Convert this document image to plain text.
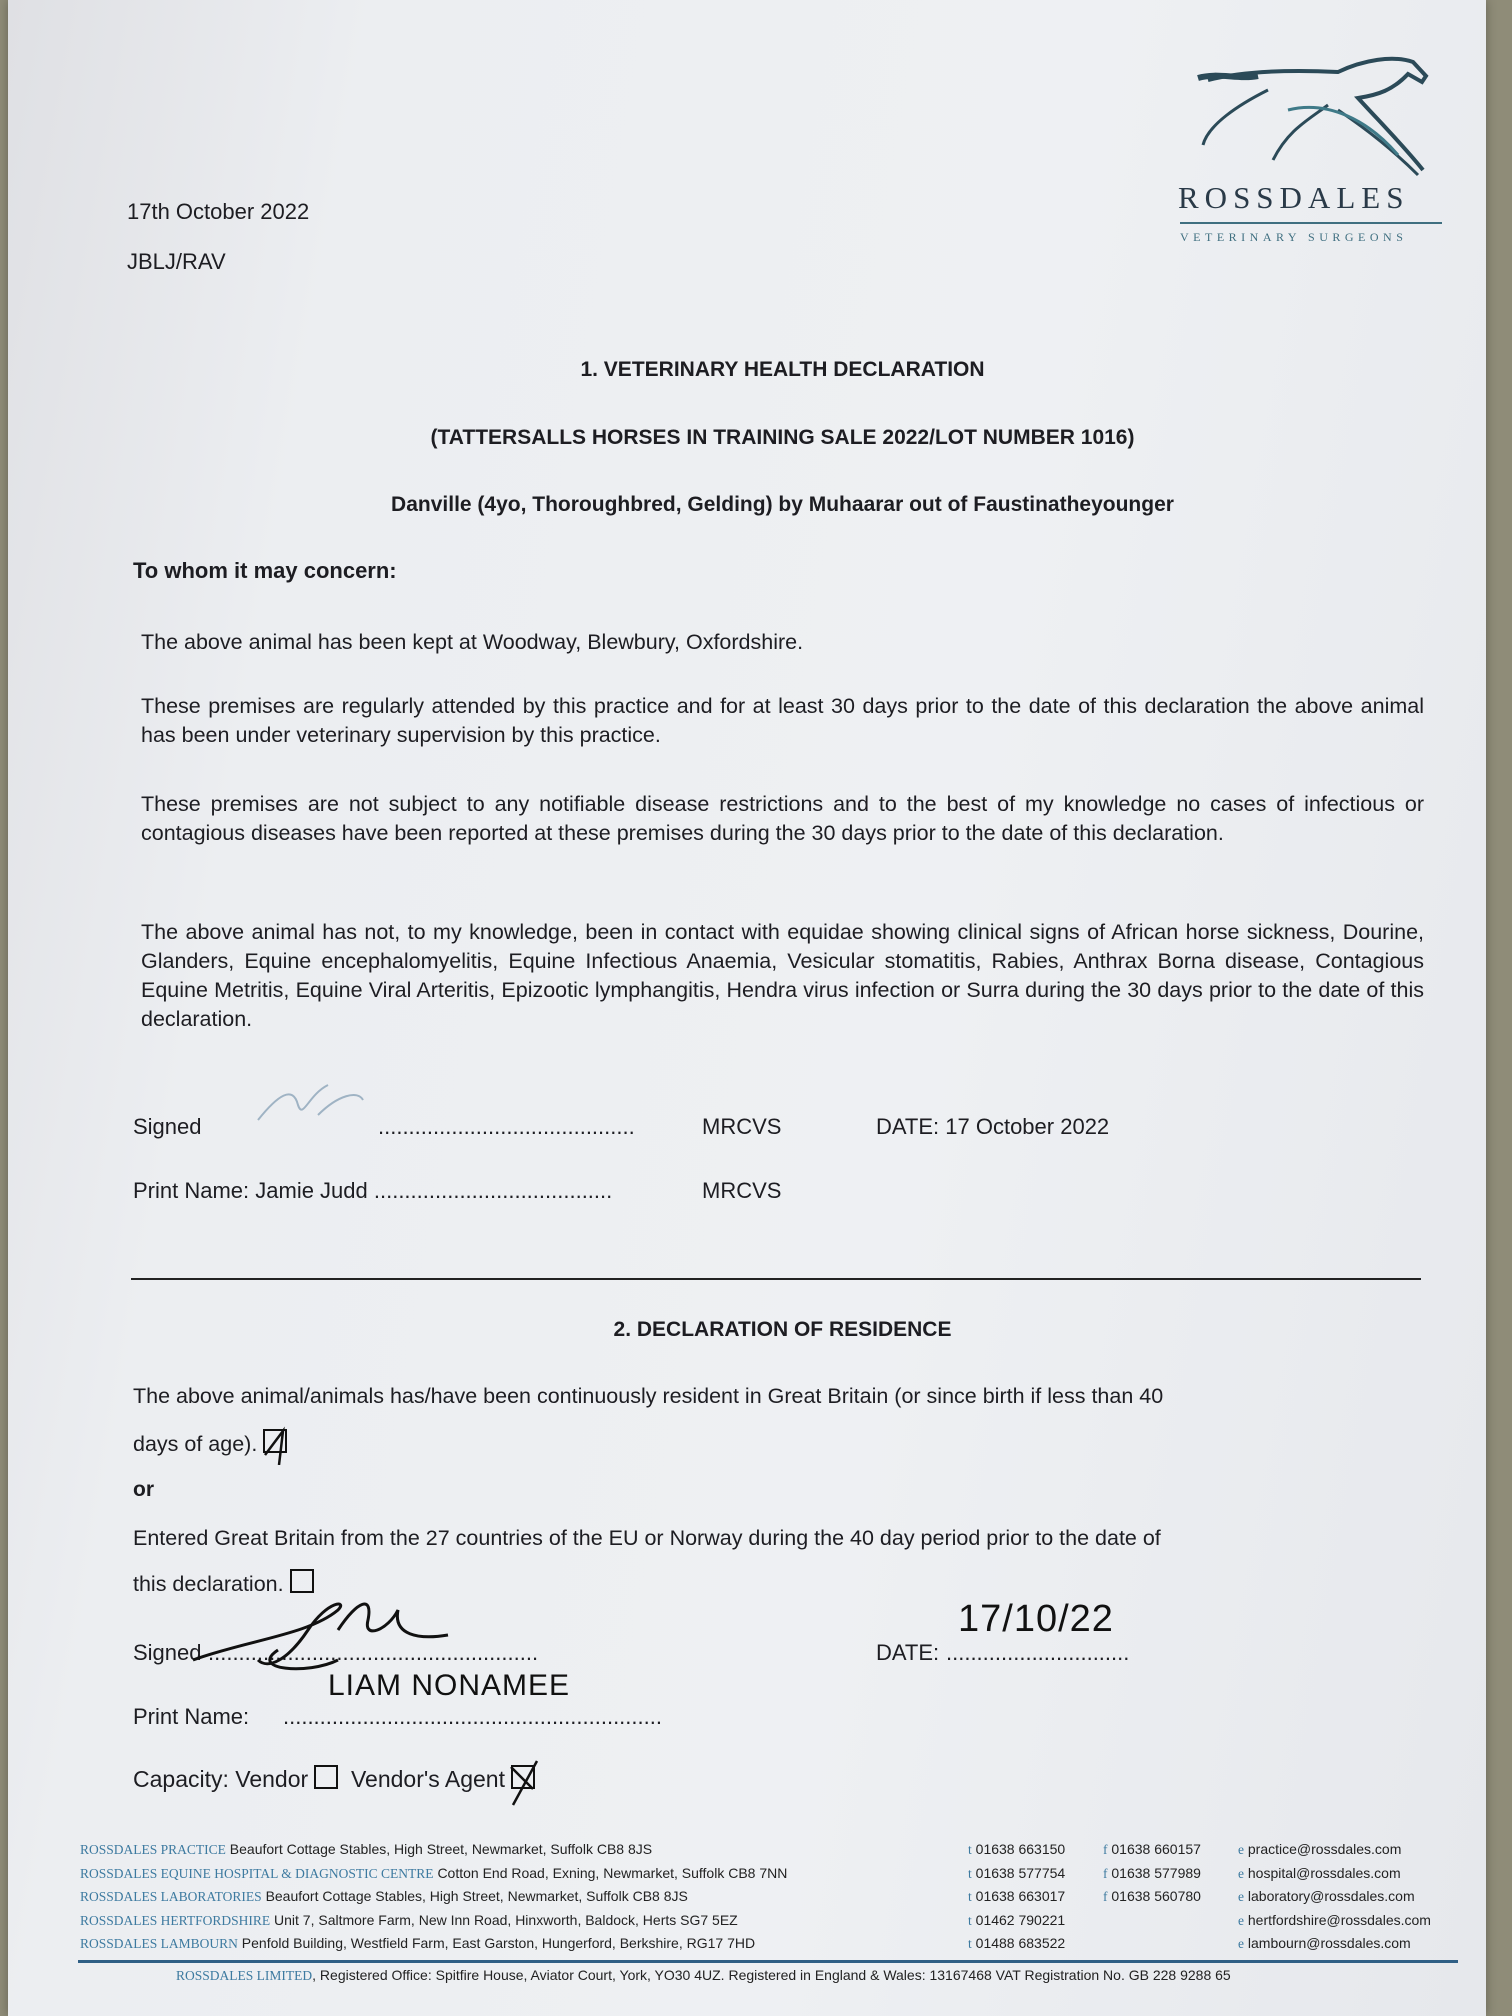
ROSSDALES
VETERINARY SURGEONS
17th October 2022
JBLJ/RAV
1. VETERINARY HEALTH DECLARATION
(TATTERSALLS HORSES IN TRAINING SALE 2022/LOT NUMBER 1016)
Danville (4yo, Thoroughbred, Gelding) by Muhaarar out of Faustinatheyounger
To whom it may concern:
The above animal has been kept at Woodway, Blewbury, Oxfordshire.
These premises are regularly attended by this practice and for at least 30 days prior to the date of this declaration the above animal has been under veterinary supervision by this practice.
These premises are not subject to any notifiable disease restrictions and to the best of my knowledge no cases of infectious or contagious diseases have been reported at these premises during the 30 days prior to the date of this declaration.
The above animal has not, to my knowledge, been in contact with equidae showing clinical signs of African horse sickness, Dourine, Glanders, Equine encephalomyelitis, Equine Infectious Anaemia, Vesicular stomatitis, Rabies, Anthrax Borna disease, Contagious Equine Metritis, Equine Viral Arteritis, Epizootic lymphangitis, Hendra virus infection or Surra during the 30 days prior to the date of this declaration.
Signed	..........................................	MRCVS	DATE: 17 October 2022
Print Name: Jamie Judd .......................................	MRCVS
2. DECLARATION OF RESIDENCE
The above animal/animals has/have been continuously resident in Great Britain (or since birth if less than 40
days of age).
or
Entered Great Britain from the 27 countries of the EU or Norway during the 40 day period prior to the date of
this declaration.
Signed ......................................................	DATE: ..............................
17/10/22
Print Name: ..............................................................
LIAM NONAMEE
Capacity: Vendor Vendor's Agent
ROSSDALES PRACTICE Beaufort Cottage Stables, High Street, Newmarket, Suffolk CB8 8JS	t 01638 663150	f 01638 660157	e practice@rossdales.com
ROSSDALES EQUINE HOSPITAL & DIAGNOSTIC CENTRE Cotton End Road, Exning, Newmarket, Suffolk CB8 7NN	t 01638 577754	f 01638 577989	e hospital@rossdales.com
ROSSDALES LABORATORIES Beaufort Cottage Stables, High Street, Newmarket, Suffolk CB8 8JS	t 01638 663017	f 01638 560780	e laboratory@rossdales.com
ROSSDALES HERTFORDSHIRE Unit 7, Saltmore Farm, New Inn Road, Hinxworth, Baldock, Herts SG7 5EZ	t 01462 790221	e hertfordshire@rossdales.com
ROSSDALES LAMBOURN Penfold Building, Westfield Farm, East Garston, Hungerford, Berkshire, RG17 7HD	t 01488 683522	e lambourn@rossdales.com
ROSSDALES LIMITED, Registered Office: Spitfire House, Aviator Court, York, YO30 4UZ. Registered in England & Wales: 13167468 VAT Registration No. GB 228 9288 65
